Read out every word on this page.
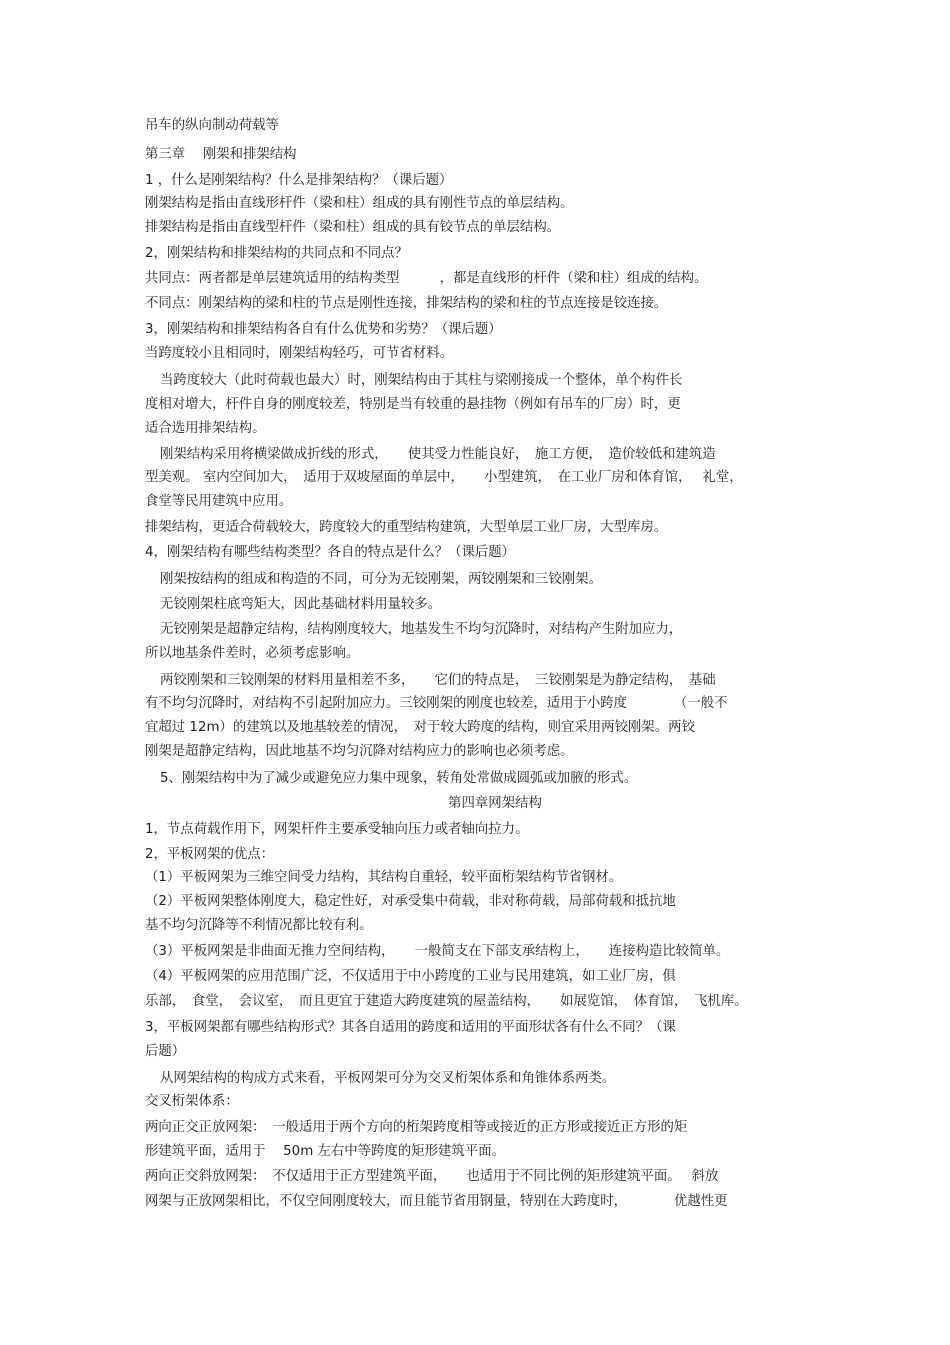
吊车的纵向制动荷载等
第三章　 刚架和排架结构
1 ，什么是刚架结构？什么是排架结构？（课后题）
刚架结构是指由直线形杆件（梁和柱）组成的具有刚性节点的单层结构。
排架结构是指由直线型杆件（梁和柱）组成的具有铰节点的单层结构。
2，刚架结构和排架结构的共同点和不同点？
共同点：两者都是单层建筑适用的结构类型　　　，都是直线形的杆件（梁和柱）组成的结构。
不同点：刚架结构的梁和柱的节点是刚性连接，排架结构的梁和柱的节点连接是铰连接。
3，刚架结构和排架结构各自有什么优势和劣势？（课后题）
当跨度较小且相同时，刚架结构轻巧，可节省材料。
当跨度较大（此时荷载也最大）时，刚架结构由于其柱与梁刚接成一个整体，单个构件长
度相对增大，杆件自身的刚度较差，特别是当有较重的悬挂物（例如有吊车的厂房）时，更
适合选用排架结构。
刚架结构采用将横梁做成折线的形式，　　使其受力性能良好，　施工方便，　造价较低和建筑造
型美观。 室内空间加大，　适用于双坡屋面的单层中，　　小型建筑，　在工业厂房和体育馆，　 礼堂，
食堂等民用建筑中应用。
排架结构，更适合荷载较大，跨度较大的重型结构建筑，大型单层工业厂房，大型库房。
4，刚架结构有哪些结构类型？各自的特点是什么？（课后题）
刚架按结构的组成和构造的不同，可分为无铰刚架，两铰刚架和三铰刚架。
无铰刚架柱底弯矩大，因此基础材料用量较多。
无铰刚架是超静定结构，结构刚度较大，地基发生不均匀沉降时，对结构产生附加应力，
所以地基条件差时，必须考虑影响。
两铰刚架和三铰刚架的材料用量相差不多，　　它们的特点是，　三铰刚架是为静定结构，　基础
有不均匀沉降时，对结构不引起附加应力。三铰刚架的刚度也较差，适用于小跨度　　　　（一般不
宜超过 12m）的建筑以及地基较差的情况，　对于较大跨度的结构，则宜采用两铰刚架。两铰
刚架是超静定结构，因此地基不均匀沉降对结构应力的影响也必须考虑。
5、刚架结构中为了减少或避免应力集中现象，转角处常做成圆弧或加腋的形式。
第四章网架结构
1，节点荷载作用下，网架杆件主要承受轴向压力或者轴向拉力。
2，平板网架的优点：
（1）平板网架为三维空间受力结构，其结构自重轻，较平面桁架结构节省钢材。
（2）平板网架整体刚度大，稳定性好，对承受集中荷载，非对称荷载，局部荷载和抵抗地
基不均匀沉降等不利情况都比较有利。
（3）平板网架是非曲面无推力空间结构，　　一般简支在下部支承结构上，　　连接构造比较简单。
（4）平板网架的应用范围广泛，不仅适用于中小跨度的工业与民用建筑，如工业厂房，俱
乐部，　食堂，　会议室，　而且更宜于建造大跨度建筑的屋盖结构，　　如展览馆，　体育馆，　飞机库。
3，平板网架都有哪些结构形式？其各自适用的跨度和适用的平面形状各有什么不同？（课
后题）
从网架结构的构成方式来看，平板网架可分为交叉桁架体系和角锥体系两类。
交叉桁架体系：
两向正交正放网架：　一般适用于两个方向的桁架跨度相等或接近的正方形或接近正方形的矩
形建筑平面，适用于　 50m 左右中等跨度的矩形建筑平面。
两向正交斜放网架：　不仅适用于正方型建筑平面，　　也适用于不同比例的矩形建筑平面。　 斜放
网架与正放网架相比，不仅空间刚度较大，而且能节省用钢量，特别在大跨度时，　　　　优越性更
